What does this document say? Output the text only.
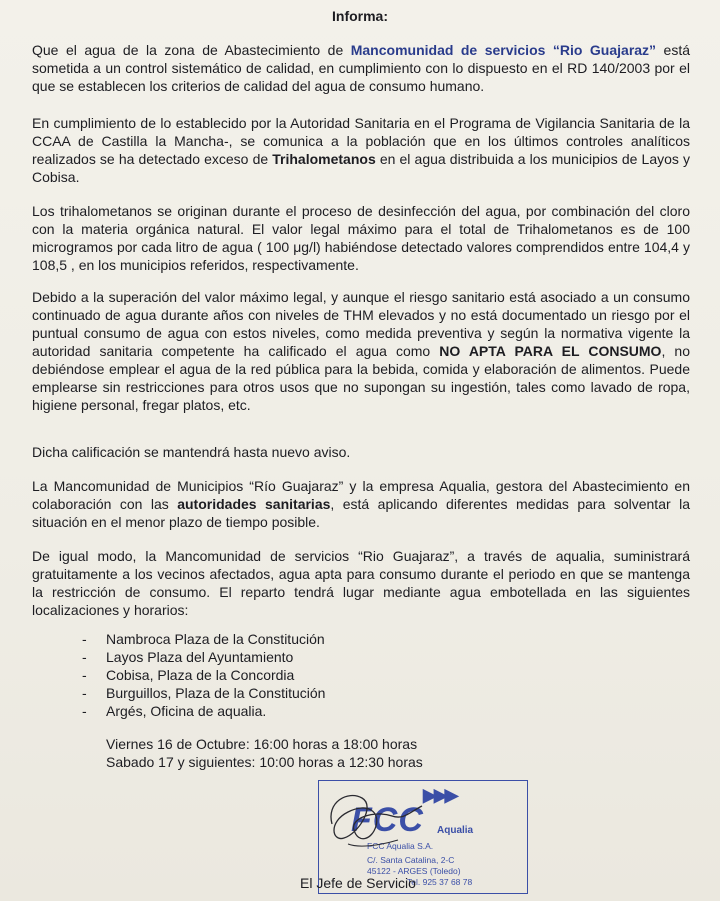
Informa:
Que el agua de la zona de Abastecimiento de Mancomunidad de servicios “Rio Guajaraz” está sometida a un control sistemático de calidad, en cumplimiento con lo dispuesto en el RD 140/2003 por el que se establecen los criterios de calidad del agua de consumo humano.
En cumplimiento de lo establecido por la Autoridad Sanitaria en el Programa de Vigilancia Sanitaria de la CCAA de Castilla la Mancha-, se comunica a la población que en los últimos controles analíticos realizados se ha detectado exceso de Trihalometanos en el agua distribuida a los municipios de Layos y Cobisa.
Los trihalometanos se originan durante el proceso de desinfección del agua, por combinación del cloro con la materia orgánica natural. El valor legal máximo para el total de Trihalometanos es de 100 microgramos por cada litro de agua ( 100 μg/l) habiéndose detectado valores comprendidos entre 104,4 y 108,5 , en los municipios referidos, respectivamente.
Debido a la superación del valor máximo legal, y aunque el riesgo sanitario está asociado a un consumo continuado de agua durante años con niveles de THM elevados y no está documentado un riesgo por el puntual consumo de agua con estos niveles, como medida preventiva y según la normativa vigente la autoridad sanitaria competente ha calificado el agua como NO APTA PARA EL CONSUMO, no debiéndose emplear el agua de la red pública para la bebida, comida y elaboración de alimentos. Puede emplearse sin restricciones para otros usos que no supongan su ingestión, tales como lavado de ropa, higiene personal, fregar platos, etc.
Dicha calificación se mantendrá hasta nuevo aviso.
La Mancomunidad de Municipios “Río Guajaraz” y la empresa Aqualia, gestora del Abastecimiento en colaboración con las autoridades sanitarias, está aplicando diferentes medidas para solventar la situación en el menor plazo de tiempo posible.
De igual modo, la Mancomunidad de servicios “Rio Guajaraz”, a través de aqualia, suministrará gratuitamente a los vecinos afectados, agua apta para consumo durante el periodo en que se mantenga la restricción de consumo. El reparto tendrá lugar mediante agua embotellada en las siguientes localizaciones y horarios:
- Nambroca Plaza de la Constitución
- Layos Plaza del Ayuntamiento
- Cobisa, Plaza de la Concordia
- Burguillos, Plaza de la Constitución
- Argés, Oficina de aqualia.
Viernes 16 de Octubre: 16:00 horas a 18:00 horas
Sabado 17 y siguientes: 10:00 horas a 12:30 horas
▶▶▶
FCC Aqualia
FCC Aqualia S.A.
C/. Santa Catalina, 2-C
45122 - ARGES (Toledo)
Tel. 925 37 68 78
El Jefe de Servicio
